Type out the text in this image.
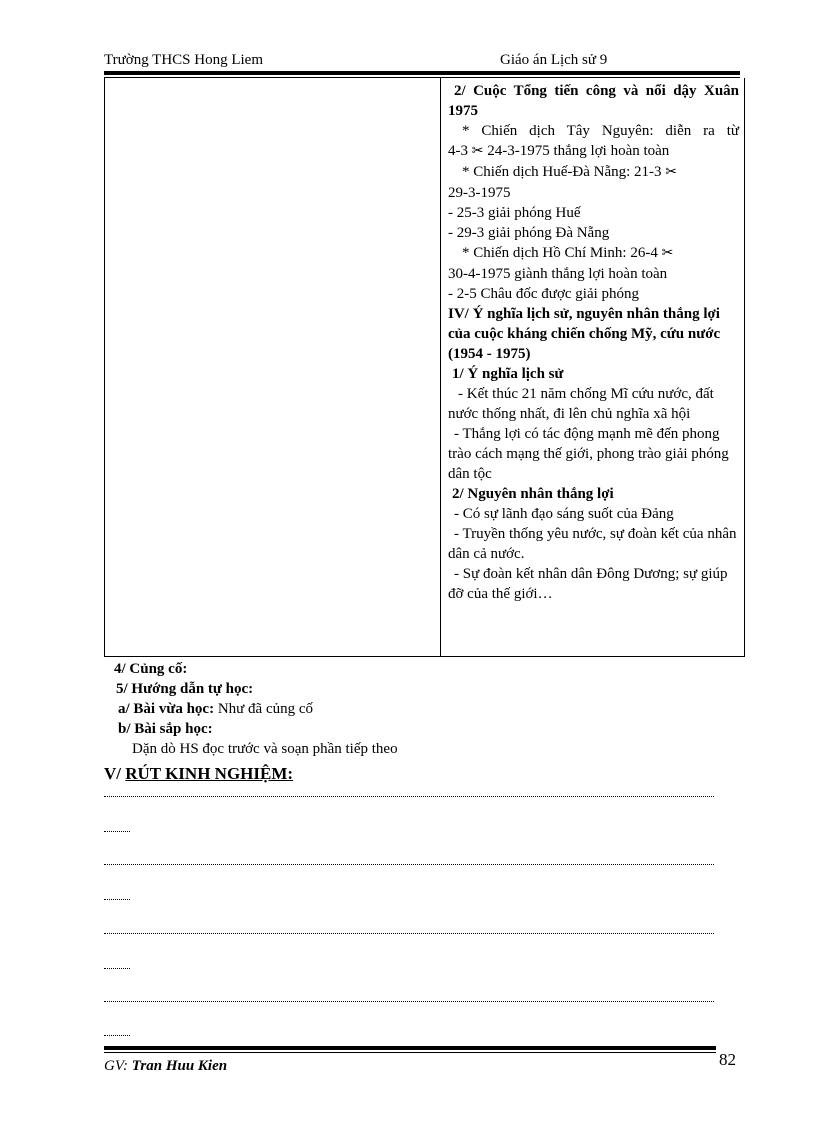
Trường THCS Hong Liem	Giáo án Lịch sử 9
2/ Cuộc Tổng tiến công và nổi dậy Xuân 1975
* Chiến dịch Tây Nguyên: diễn ra từ
4-3 ✂ 24-3-1975 thắng lợi hoàn toàn
* Chiến dịch Huế-Đà Nẵng: 21-3 ✂
29-3-1975
- 25-3 giải phóng Huế
- 29-3 giải phóng Đà Nẵng
* Chiến dịch Hồ Chí Minh: 26-4 ✂
30-4-1975 giành thắng lợi hoàn toàn
- 2-5 Châu đốc được giải phóng
IV/ Ý nghĩa lịch sử, nguyên nhân thắng lợi của cuộc kháng chiến chống Mỹ, cứu nước (1954 - 1975)
1/ Ý nghĩa lịch sử
- Kết thúc 21 năm chống Mĩ cứu nước, đất nước thống nhất, đi lên chủ nghĩa xã hội
- Thắng lợi có tác động mạnh mẽ đến phong trào cách mạng thế giới, phong trào giải phóng dân tộc
2/ Nguyên nhân thắng lợi
- Có sự lãnh đạo sáng suốt của Đảng
- Truyền thống yêu nước, sự đoàn kết của nhân dân cả nước.
- Sự đoàn kết nhân dân Đông Dương; sự giúp đỡ của thế giới…
4/ Củng cố:
5/ Hướng dẫn tự học:
a/ Bài vừa học: Như đã củng cố
b/ Bài sắp học:
Dặn dò HS đọc trước và soạn phần tiếp theo
V/ RÚT KINH NGHIỆM:
GV: Tran Huu Kien	82
